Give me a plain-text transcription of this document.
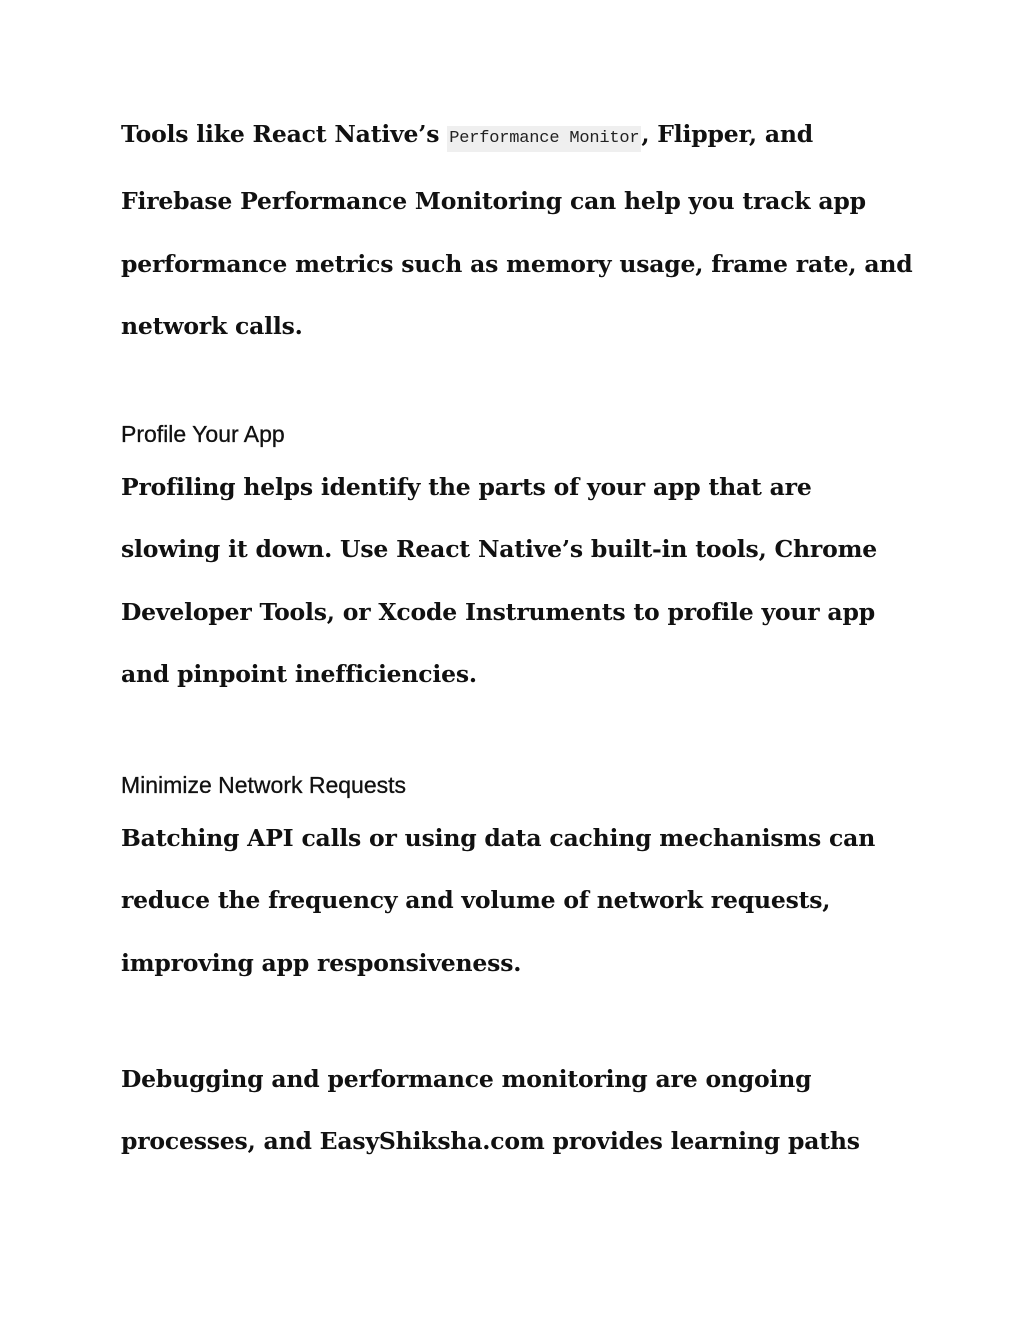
Tools like React Native’s Performance Monitor, Flipper, and
Firebase Performance Monitoring can help you track app
performance metrics such as memory usage, frame rate, and
network calls.

Profile Your App

Profiling helps identify the parts of your app that are
slowing it down. Use React Native’s built-in tools, Chrome
Developer Tools, or Xcode Instruments to profile your app
and pinpoint inefficiencies.

Minimize Network Requests

Batching API calls or using data caching mechanisms can
reduce the frequency and volume of network requests,
improving app responsiveness.

Debugging and performance monitoring are ongoing
processes, and EasyShiksha.com provides learning paths
